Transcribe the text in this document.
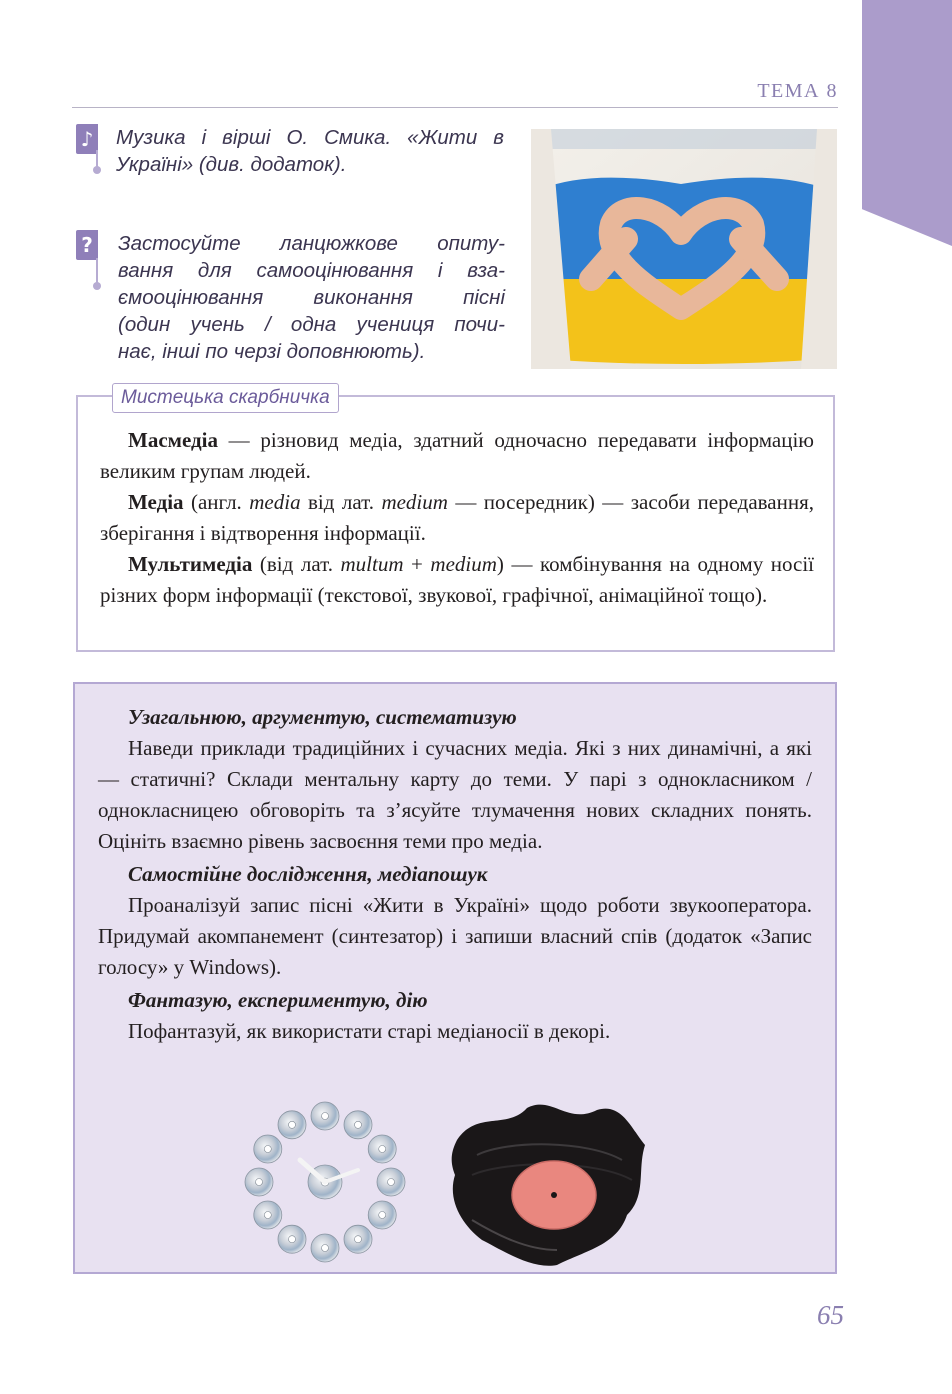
ТЕМА 8
♪ Музика і вірші О. Смика. «Жити в
Україні» (див. додаток).
? Застосуйте ланцюжкове опиту-
вання для самооцінювання і вза-
ємооцінювання виконання пісні
(один учень / одна учениця почи-
нає, інші по черзі доповнюють).
Мистецька скарбничка

Масмедіа — різновид медіа, здатний одночасно передавати інформацію великим групам людей.

Медіа (англ. media від лат. medium — посередник) — засоби передавання, зберігання і відтворення інформації.

Мультимедіа (від лат. multum + medium) — комбінування на одному носії різних форм інформації (текстової, звукової, графічної, анімаційної тощо).

Узагальнюю, аргументую, систематизую

Наведи приклади традиційних і сучасних медіа. Які з них динамічні, а які — статичні? Склади ментальну карту до теми. У парі з однокласником / однокласницею обговоріть та з’ясуйте тлумачення нових складних понять. Оцініть взаємно рівень засвоєння теми про медіа.

Самостійне дослідження, медіапошук

Проаналізуй запис пісні «Жити в Україні» щодо роботи звукооператора. Придумай акомпанемент (синтезатор) і запиши власний спів (додаток «Запис голосу» у Windows).

Фантазую, експериментую, дію

Пофантазуй, як використати старі медіаносії в декорі.

65
